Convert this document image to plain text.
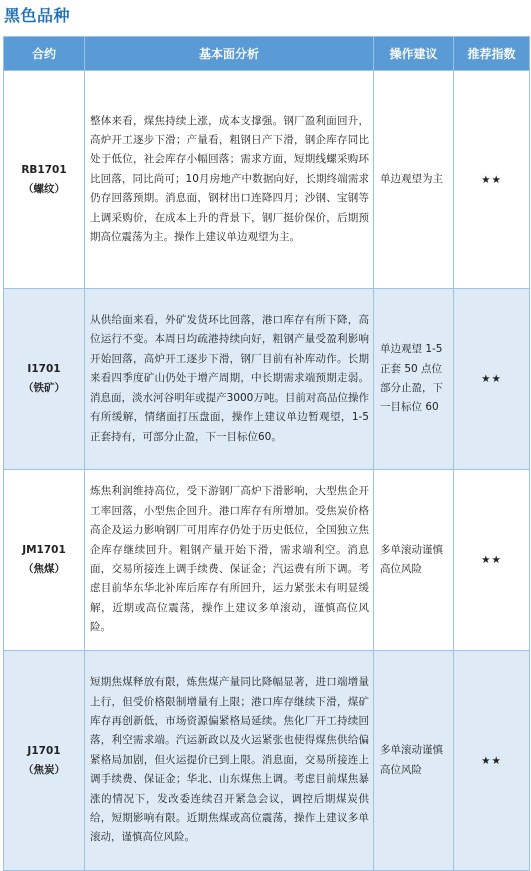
黑色品种
合约	基本面分析	操作建议	推荐指数

RB1701
（螺纹）	整体来看，煤焦持续上涨，成本支撑强。钢厂盈利面回升，高炉开工逐步下滑；产量看，粗钢日产下滑，钢企库存同比处于低位，社会库存小幅回落；需求方面，短期线螺采购环比回落，同比尚可；10月房地产中数据向好，长期终端需求仍存回落预期。消息面，钢材出口连降四月；沙钢、宝钢等上调采购价，在成本上升的背景下，钢厂挺价保价，后期预期高位震荡为主。操作上建议单边观望为主。	单边观望为主	★★

I1701
（铁矿）	从供给面来看，外矿发货环比回落，港口库存有所下降，高位运行不变。本周日均疏港持续向好，粗钢产量受盈利影响开始回落，高炉开工逐步下滑，钢厂目前有补库动作。长期来看四季度矿山仍处于增产周期，中长期需求端预期走弱。消息面，淡水河谷明年或提产3000万吨。目前对高品位操作有所缓解，情绪面打压盘面，操作上建议单边暂观望，1-5正套持有，可部分止盈，下一目标位60。	单边观望 1-5 正套 50 点位部分止盈，下一目标位 60	★★

JM1701
（焦煤）	炼焦利润维持高位，受下游钢厂高炉下滑影响，大型焦企开工率回落，小型焦企回升。港口库存有所增加。受焦炭价格高企及运力影响钢厂可用库存仍处于历史低位，全国独立焦企库存继续回升。粗钢产量开始下滑，需求端利空。消息面，交易所接连上调手续费、保证金；汽运费有所下调。考虑目前华东华北补库后库存有所回升，运力紧张未有明显缓解，近期或高位震荡，操作上建议多单滚动，谨慎高位风险。	多单滚动谨慎高位风险	★★

J1701
（焦炭）	短期焦煤释放有限，炼焦煤产量同比降幅显著，进口端增量上行，但受价格限制增量有上限；港口库存继续下滑，煤矿库存再创新低，市场资源偏紧格局延续。焦化厂开工持续回落，利空需求端。汽运新政以及火运紧张也使得煤焦供给偏紧格局加剧，但火运提价已到上限。消息面，交易所接连上调手续费、保证金；华北、山东煤焦上调。考虑目前煤焦暴涨的情况下，发改委连续召开紧急会议，调控后期煤炭供给，短期影响有限。近期焦煤或高位震荡，操作上建议多单滚动，谨慎高位风险。	多单滚动谨慎高位风险	★★
